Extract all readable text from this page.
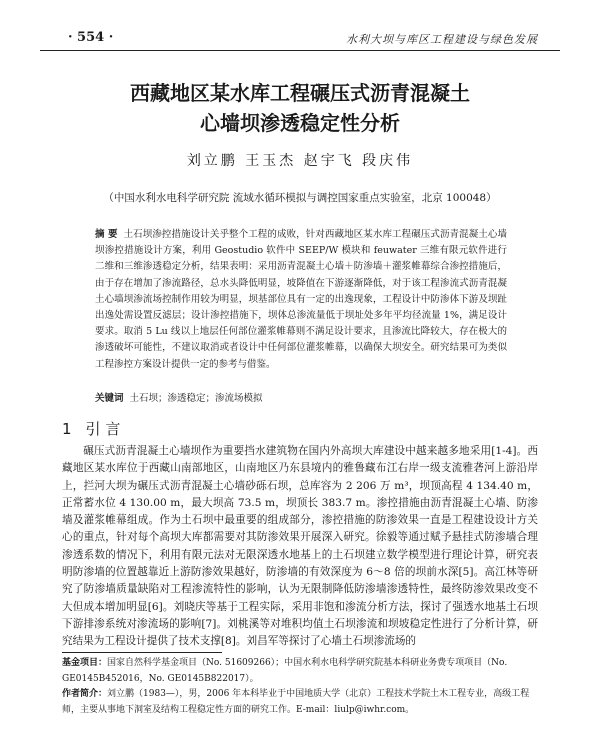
· 554 ·	水利大坝与库区工程建设与绿色发展
西藏地区某水库工程碾压式沥青混凝土
心墙坝渗透稳定性分析
刘立鹏 王玉杰 赵宇飞 段庆伟
（中国水利水电科学研究院 流域水循环模拟与调控国家重点实验室，北京 100048）
摘 要 土石坝渗控措施设计关乎整个工程的成败，针对西藏地区某水库工程碾压式沥青混凝土心墙坝渗控措施设计方案，利用 Geostudio 软件中 SEEP/W 模块和 feuwater 三维有限元软件进行二维和三维渗透稳定分析，结果表明：采用沥青混凝土心墙＋防渗墙＋灌浆帷幕综合渗控措施后，由于存在增加了渗流路径，总水头降低明显，坡降值在下游逐渐降低，对于该工程渗流式沥青混凝土心墙坝渗流场控制作用较为明显，坝基部位具有一定的出逸现象，工程设计中防渗体下游及坝趾出逸处需设置反滤层；设计渗控措施下，坝体总渗流量低于坝址处多年平均径流量 1%，满足设计要求。取消 5 Lu 线以上地层任何部位灌浆帷幕则不满足设计要求，且渗流比降较大，存在极大的渗透破坏可能性，不建议取消或者设计中任何部位灌浆帷幕，以确保大坝安全。研究结果可为类似工程渗控方案设计提供一定的参考与借鉴。
关键词 土石坝；渗透稳定；渗流场模拟
1 引 言
碾压式沥青混凝土心墙坝作为重要挡水建筑物在国内外高坝大库建设中越来越多地采用[1-4]。西藏地区某水库位于西藏山南部地区，山南地区乃东县境内的雅鲁藏布江右岸一级支流雅砻河上游沿岸上，拦河大坝为碾压式沥青混凝土心墙砂砾石坝，总库容为 2 206 万 m³，坝顶高程 4 134.40 m，正常蓄水位 4 130.00 m，最大坝高 73.5 m，坝顶长 383.7 m。渗控措施由沥青混凝土心墙、防渗墙及灌浆帷幕组成。作为土石坝中最重要的组成部分，渗控措施的防渗效果一直是工程建设设计方关心的重点，针对每个高坝大库都需要对其防渗效果开展深入研究。徐毅等通过赋予悬挂式防渗墙合理渗透系数的情况下，利用有限元法对无限深透水地基上的土石坝建立数学模型进行理论计算，研究表明防渗墙的位置越靠近上游防渗效果越好，防渗墙的有效深度为 6～8 倍的坝前水深[5]。高江林等研究了防渗墙质量缺陷对工程渗流特性的影响，认为无限制降低防渗墙渗透特性，最终防渗效果改变不大但成本增加明显[6]。刘晓庆等基于工程实际，采用非饱和渗流分析方法，探讨了强透水地基土石坝下游排渗系统对渗流场的影响[7]。刘桃溪等对堆积均值土石坝渗流和坝坡稳定性进行了分析计算，研究结果为工程设计提供了技术支撑[8]。刘昌军等探讨了心墙土石坝渗流场的
基金项目：国家自然科学基金项目（No. 51609266）；中国水利水电科学研究院基本科研业务费专项项目（No. GE0145B452016，No. GE0145B822017）。
作者简介：刘立鹏（1983—），男，2006 年本科毕业于中国地质大学（北京）工程技术学院土木工程专业，高级工程师，主要从事地下洞室及结构工程稳定性方面的研究工作。E-mail：liulp@iwhr.com。
